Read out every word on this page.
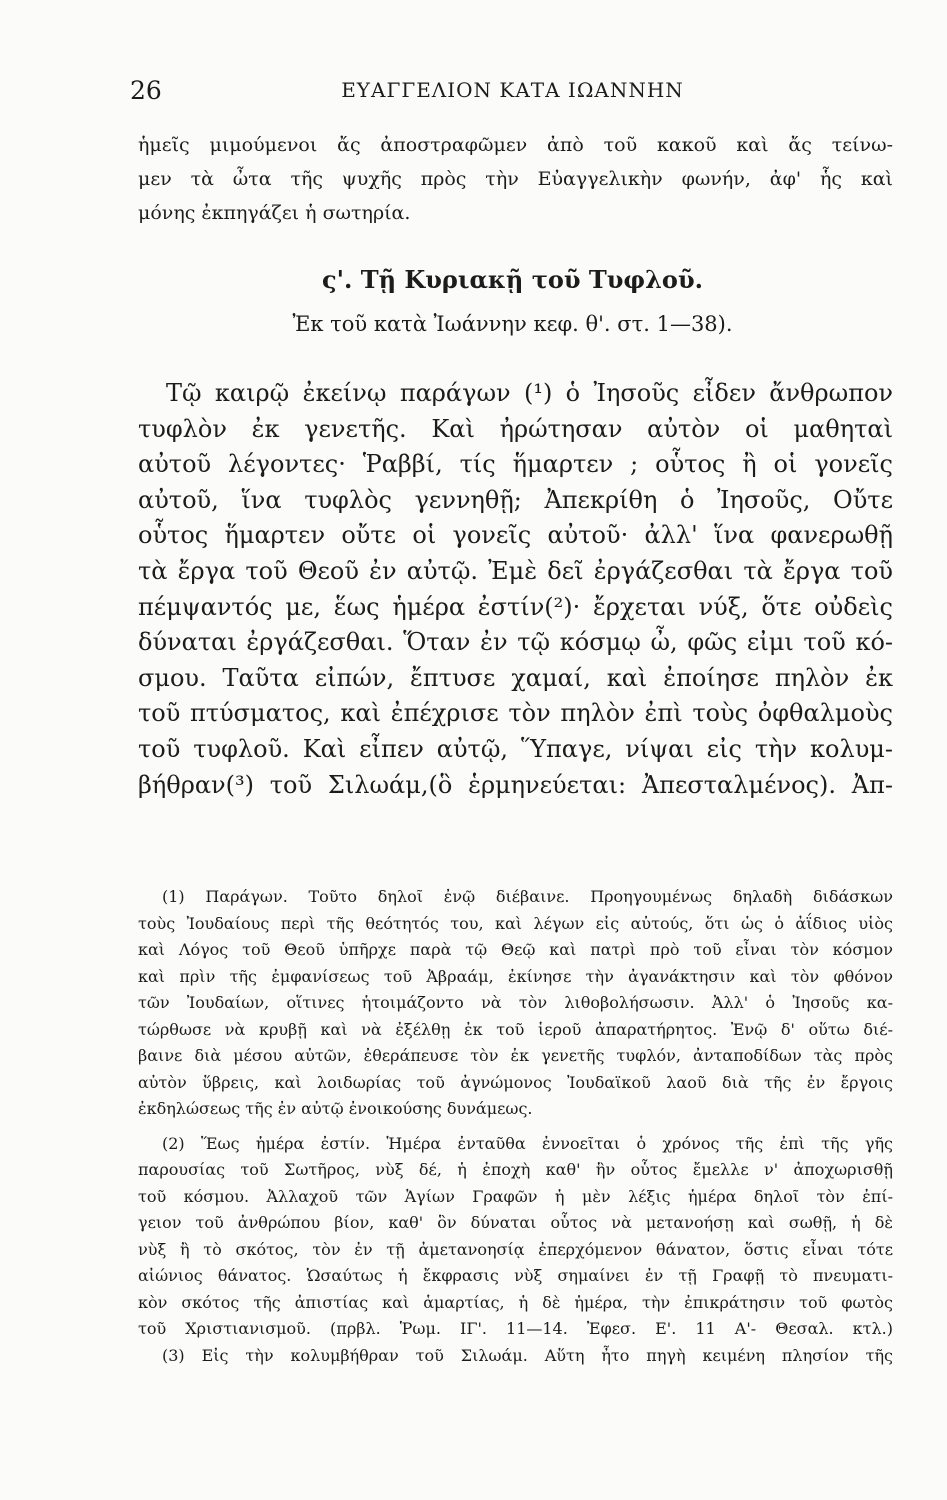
26	ΕΥΑΓΓΕΛΙΟΝ ΚΑΤΑ ΙΩΑΝΝΗΝ
ἡμεῖς μιμούμενοι ἄς ἀποστραφῶμεν ἀπὸ τοῦ κακοῦ καὶ ἄς τείνω-
μεν τὰ ὦτα τῆς ψυχῆς πρὸς τὴν Εὐαγγελικὴν φωνήν, ἀφ' ἧς καὶ
μόνης ἐκπηγάζει ἡ σωτηρία.
ς'. Τῇ Κυριακῇ τοῦ Τυφλοῦ.
Ἐκ τοῦ κατὰ Ἰωάννην κεφ. θ'. στ. 1—38).
Τῷ καιρῷ ἐκείνῳ παράγων (¹) ὁ Ἰησοῦς εἶδεν ἄνθρωπον
τυφλὸν ἐκ γενετῆς. Καὶ ἠρώτησαν αὐτὸν οἱ μαθηταὶ
αὐτοῦ λέγοντες· Ῥαββί, τίς ἥμαρτεν ; οὗτος ἢ οἱ γονεῖς
αὐτοῦ, ἵνα τυφλὸς γεννηθῇ; Ἀπεκρίθη ὁ Ἰησοῦς, Οὔτε
οὗτος ἥμαρτεν οὔτε οἱ γονεῖς αὐτοῦ· ἀλλ' ἵνα φανερωθῇ
τὰ ἔργα τοῦ Θεοῦ ἐν αὐτῷ. Ἐμὲ δεῖ ἐργάζεσθαι τὰ ἔργα τοῦ
πέμψαντός με, ἕως ἡμέρα ἐστίν(²)· ἔρχεται νύξ, ὅτε οὐδεὶς
δύναται ἐργάζεσθαι. Ὅταν ἐν τῷ κόσμῳ ὦ, φῶς εἰμι τοῦ κό-
σμου. Ταῦτα εἰπών, ἔπτυσε χαμαί, καὶ ἐποίησε πηλὸν ἐκ
τοῦ πτύσματος, καὶ ἐπέχρισε τὸν πηλὸν ἐπὶ τοὺς ὀφθαλμοὺς
τοῦ τυφλοῦ. Καὶ εἶπεν αὐτῷ, Ὕπαγε, νίψαι εἰς τὴν κολυμ-
βήθραν(³) τοῦ Σιλωάμ,(ὃ ἑρμηνεύεται: Ἀπεσταλμένος). Ἀπ-
(1) Παράγων. Τοῦτο δηλοῖ ἐνῷ διέβαινε. Προηγουμένως δηλαδὴ διδάσκων
τοὺς Ἰουδαίους περὶ τῆς θεότητός του, καὶ λέγων εἰς αὐτούς, ὅτι ὡς ὁ ἀΐδιος υἱὸς
καὶ Λόγος τοῦ Θεοῦ ὑπῆρχε παρὰ τῷ Θεῷ καὶ πατρὶ πρὸ τοῦ εἶναι τὸν κόσμον
καὶ πρὶν τῆς ἐμφανίσεως τοῦ Ἀβραάμ, ἐκίνησε τὴν ἀγανάκτησιν καὶ τὸν φθόνον
τῶν Ἰουδαίων, οἵτινες ἡτοιμάζοντο νὰ τὸν λιθοβολήσωσιν. Ἀλλ' ὁ Ἰησοῦς κα-
τώρθωσε νὰ κρυβῇ καὶ νὰ ἐξέλθῃ ἐκ τοῦ ἱεροῦ ἀπαρατήρητος. Ἐνῷ δ' οὕτω διέ-
βαινε διὰ μέσου αὐτῶν, ἐθεράπευσε τὸν ἐκ γενετῆς τυφλόν, ἀνταποδίδων τὰς πρὸς
αὐτὸν ὕβρεις, καὶ λοιδωρίας τοῦ ἀγνώμονος Ἰουδαϊκοῦ λαοῦ διὰ τῆς ἐν ἔργοις
ἐκδηλώσεως τῆς ἐν αὐτῷ ἐνοικούσης δυνάμεως.
(2) Ἕως ἡμέρα ἐστίν. Ἡμέρα ἐνταῦθα ἐννοεῖται ὁ χρόνος τῆς ἐπὶ τῆς γῆς
παρουσίας τοῦ Σωτῆρος, νὺξ δέ, ἡ ἐποχὴ καθ' ἣν οὗτος ἔμελλε ν' ἀποχωρισθῇ
τοῦ κόσμου. Ἀλλαχοῦ τῶν Ἁγίων Γραφῶν ἡ μὲν λέξις ἡμέρα δηλοῖ τὸν ἐπί-
γειον τοῦ ἀνθρώπου βίον, καθ' ὃν δύναται οὗτος νὰ μετανοήσῃ καὶ σωθῇ, ἡ δὲ
νὺξ ἢ τὸ σκότος, τὸν ἐν τῇ ἀμετανοησίᾳ ἐπερχόμενον θάνατον, ὅστις εἶναι τότε
αἰώνιος θάνατος. Ὡσαύτως ἡ ἔκφρασις νὺξ σημαίνει ἐν τῇ Γραφῇ τὸ πνευματι-
κὸν σκότος τῆς ἀπιστίας καὶ ἁμαρτίας, ἡ δὲ ἡμέρα, τὴν ἐπικράτησιν τοῦ φωτὸς
τοῦ Χριστιανισμοῦ. (πρβλ. Ῥωμ. ΙΓ'. 11—14. Ἐφεσ. Ε'. 11 Α'- Θεσαλ. κτλ.)
(3) Εἰς τὴν κολυμβήθραν τοῦ Σιλωάμ. Αὕτη ἦτο πηγὴ κειμένη πλησίον τῆς
